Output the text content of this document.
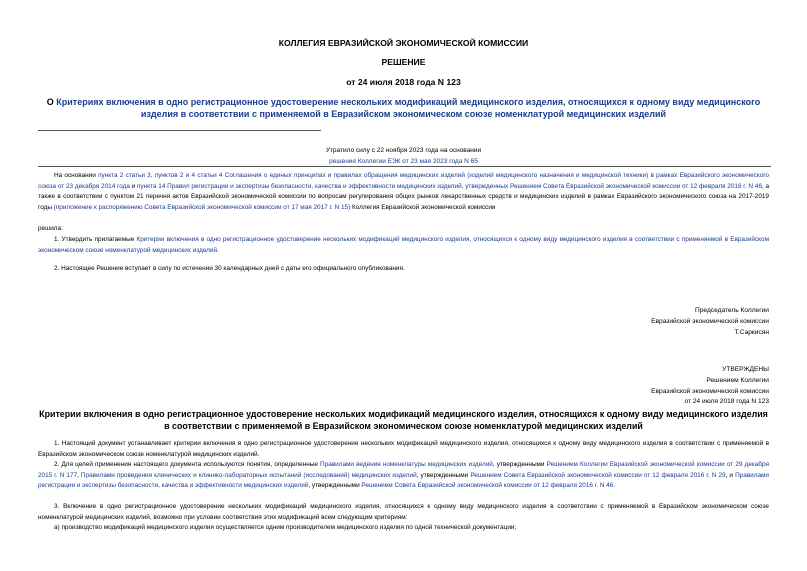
КОЛЛЕГИЯ ЕВРАЗИЙСКОЙ ЭКОНОМИЧЕСКОЙ КОМИССИИ
РЕШЕНИЕ
от 24 июля 2018 года N 123
О Критериях включения в одно регистрационное удостоверение нескольких модификаций медицинского изделия, относящихся к одному виду медицинского
изделия в соответствии с применяемой в Евразийском экономическом союзе номенклатурой медицинских изделий
Утратило силу с 22 ноября 2023 года на основании
решения Коллегии ЕЭК от 23 мая 2023 года N 65
На основании пункта 2 статьи 3, пунктов 2 и 4 статьи 4 Соглашения о единых принципах и правилах обращения медицинских изделий (изделий медицинского назначения и медицинской техники) в рамках Евразийского экономического союза от 23 декабря 2014 года и пункта 14 Правил регистрации и экспертизы безопасности, качества и эффективности медицинских изделий, утвержденных Решением Совета Евразийской экономической комиссии от 12 февраля 2016 г. N 46, а также в соответствии с пунктом 21 перечня актов Евразийской экономической комиссии по вопросам регулирования общих рынков лекарственных средств и медицинских изделий в рамках Евразийского экономического союза на 2017-2019 годы (приложение к распоряжению Совета Евразийской экономической комиссии от 17 мая 2017 г. N 15) Коллегия Евразийской экономической комиссии
решила:
1. Утвердить прилагаемые Критерии включения в одно регистрационное удостоверение нескольких модификаций медицинского изделия, относящихся к одному виду медицинского изделия в соответствии с применяемой в Евразийском экономическом союзе номенклатурой медицинских изделий.
2. Настоящее Решение вступает в силу по истечении 30 календарных дней с даты его официального опубликования.
Председатель Коллегии
Евразийской экономической комиссии
Т.Саркисян
УТВЕРЖДЕНЫ
Решением Коллегии
Евразийской экономической комиссии
от 24 июля 2018 года N 123
Критерии включения в одно регистрационное удостоверение нескольких модификаций медицинского изделия, относящихся к одному виду медицинского изделия
в соответствии с применяемой в Евразийском экономическом союзе номенклатурой медицинских изделий
1. Настоящий документ устанавливает критерии включения в одно регистрационное удостоверение нескольких модификаций медицинского изделия, относящихся к одному виду медицинского изделия в соответствии с применяемой в Евразийском экономическом союзе номенклатурой медицинских изделий.
2. Для целей применения настоящего документа используются понятия, определенные Правилами ведения номенклатуры медицинских изделий, утвержденными Решением Коллегии Евразийской экономической комиссии от 29 декабря 2015 г. N 177, Правилами проведения клинических и клинико-лабораторных испытаний (исследований) медицинских изделий, утвержденными Решением Совета Евразийской экономической комиссии от 12 февраля 2016 г. N 29, и Правилами регистрации и экспертизы безопасности, качества и эффективности медицинских изделий, утвержденными Решением Совета Евразийской экономической комиссии от 12 февраля 2016 г. N 46.
3. Включение в одно регистрационное удостоверение нескольких модификаций медицинского изделия, относящихся к одному виду медицинского изделия в соответствии с применяемой в Евразийском экономическом союзе номенклатурой медицинских изделий, возможно при условии соответствия этих модификаций всем следующим критериям:
а) производство модификаций медицинского изделия осуществляется одним производителем медицинского изделия по одной технической документации;
